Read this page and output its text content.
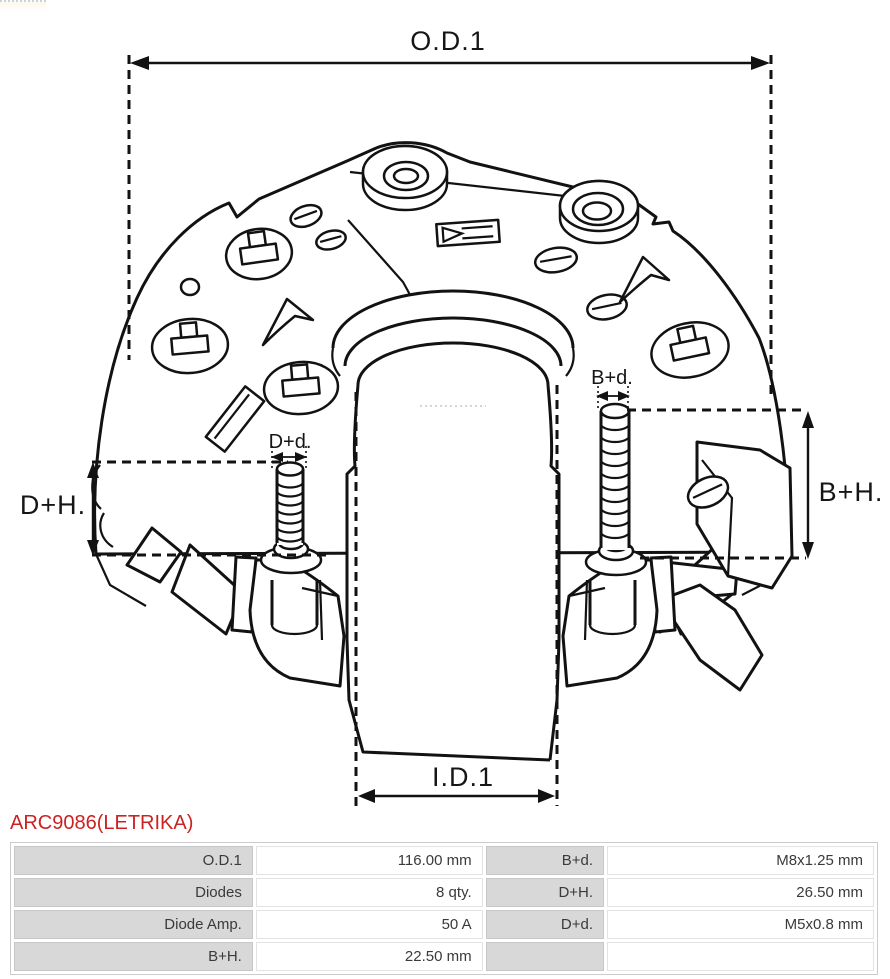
O.D.1
I.D.1
D+H.	B+H.
D+d.
B+d.
ARC9086(LETRIKA)
O.D.1	116.00 mm	B+d.	M8x1.25 mm
Diodes	8 qty.	D+H.	26.50 mm
Diode Amp.	50 A	D+d.	M5x0.8 mm
B+H.	22.50 mm		
